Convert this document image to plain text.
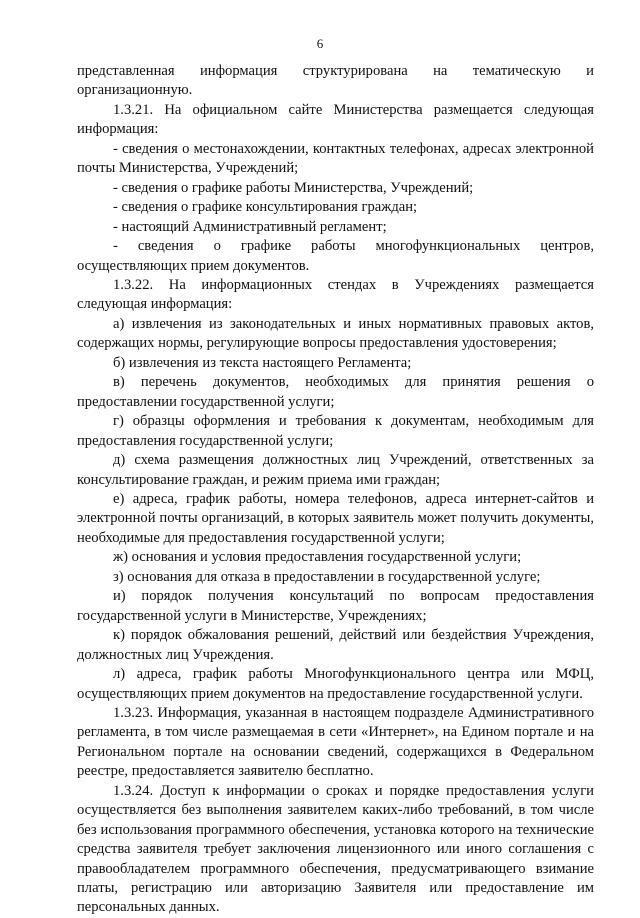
6

представленная информация структурирована на тематическую и организационную.

1.3.21. На официальном сайте Министерства размещается следующая информация:

- сведения о местонахождении, контактных телефонах, адресах электронной почты Министерства, Учреждений;

- сведения о графике работы Министерства, Учреждений;

- сведения о графике консультирования граждан;

- настоящий Административный регламент;

- сведения о графике работы многофункциональных центров, осуществляющих прием документов.

1.3.22. На информационных стендах в Учреждениях размещается следующая информация:

а) извлечения из законодательных и иных нормативных правовых актов, содержащих нормы, регулирующие вопросы предоставления удостоверения;

б) извлечения из текста настоящего Регламента;

в) перечень документов, необходимых для принятия решения о предоставлении государственной услуги;

г) образцы оформления и требования к документам, необходимым для предоставления государственной услуги;

д) схема размещения должностных лиц Учреждений, ответственных за консультирование граждан, и режим приема ими граждан;

е) адреса, график работы, номера телефонов, адреса интернет-сайтов и электронной почты организаций, в которых заявитель может получить документы, необходимые для предоставления государственной услуги;

ж) основания и условия предоставления государственной услуги;

з) основания для отказа в предоставлении в государственной услуге;

и) порядок получения консультаций по вопросам предоставления государственной услуги в Министерстве, Учреждениях;

к) порядок обжалования решений, действий или бездействия Учреждения, должностных лиц Учреждения.

л) адреса, график работы Многофункционального центра или МФЦ, осуществляющих прием документов на предоставление государственной услуги.

1.3.23. Информация, указанная в настоящем подразделе Административного регламента, в том числе размещаемая в сети «Интернет», на Едином портале и на Региональном портале на основании сведений, содержащихся в Федеральном реестре, предоставляется заявителю бесплатно.

1.3.24. Доступ к информации о сроках и порядке предоставления услуги осуществляется без выполнения заявителем каких-либо требований, в том числе без использования программного обеспечения, установка которого на технические средства заявителя требует заключения лицензионного или иного соглашения с правообладателем программного обеспечения, предусматривающего взимание платы, регистрацию или авторизацию Заявителя или предоставление им персональных данных.
